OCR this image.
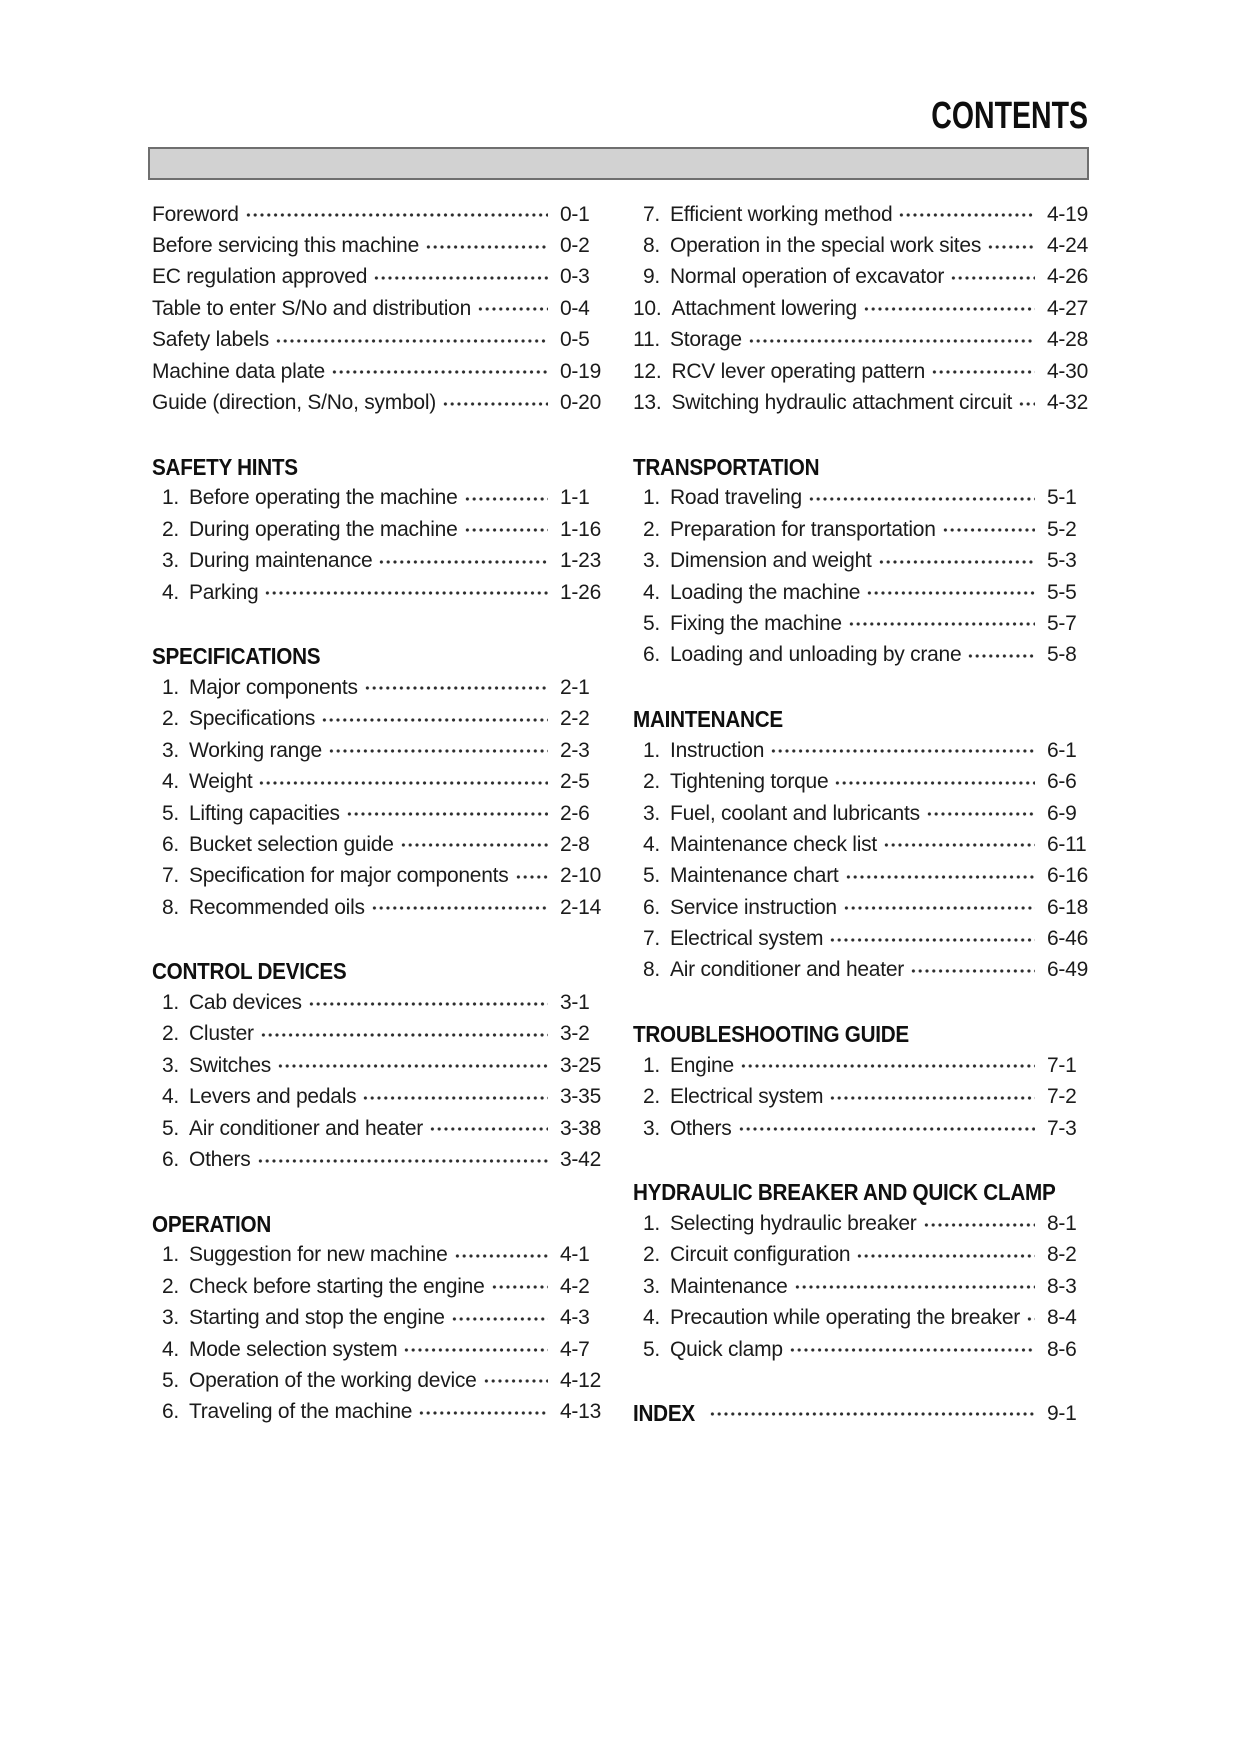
CONTENTS
Foreword	0-1
Before servicing this machine	0-2
EC regulation approved	0-3
Table to enter S/No and distribution	0-4
Safety labels	0-5
Machine data plate	0-19
Guide (direction, S/No, symbol)	0-20
SAFETY HINTS
1. Before operating the machine	1-1
2. During operating the machine	1-16
3. During maintenance	1-23
4. Parking	1-26
SPECIFICATIONS
1. Major components	2-1
2. Specifications	2-2
3. Working range	2-3
4. Weight	2-5
5. Lifting capacities	2-6
6. Bucket selection guide	2-8
7. Specification for major components 2-10
8. Recommended oils	2-14
CONTROL DEVICES
1. Cab devices	3-1
2. Cluster	3-2
3. Switches	3-25
4. Levers and pedals	3-35
5. Air conditioner and heater	3-38
6. Others	3-42
OPERATION
1. Suggestion for new machine	4-1
2. Check before starting the engine	4-2
3. Starting and stop the engine	4-3
4. Mode selection system	4-7
5. Operation of the working device	4-12
6. Traveling of the machine	4-13
7. Efficient working method	4-19
8. Operation in the special work sites	4-24
9. Normal operation of excavator	4-26
10. Attachment lowering	4-27
11. Storage	4-28
12. RCV lever operating pattern	4-30
13. Switching hydraulic attachment circuit 4-32
TRANSPORTATION
1. Road traveling	5-1
2. Preparation for transportation	5-2
3. Dimension and weight	5-3
4. Loading the machine	5-5
5. Fixing the machine	5-7
6. Loading and unloading by crane	5-8
MAINTENANCE
1. Instruction	6-1
2. Tightening torque	6-6
3. Fuel, coolant and lubricants	6-9
4. Maintenance check list	6-11
5. Maintenance chart	6-16
6. Service instruction	6-18
7. Electrical system	6-46
8. Air conditioner and heater	6-49
TROUBLESHOOTING GUIDE
1. Engine	7-1
2. Electrical system	7-2
3. Others	7-3
HYDRAULIC BREAKER AND QUICK CLAMP
1. Selecting hydraulic breaker	8-1
2. Circuit configuration	8-2
3. Maintenance	8-3
4. Precaution while operating the breaker 8-4
5. Quick clamp	8-6
INDEX	9-1
